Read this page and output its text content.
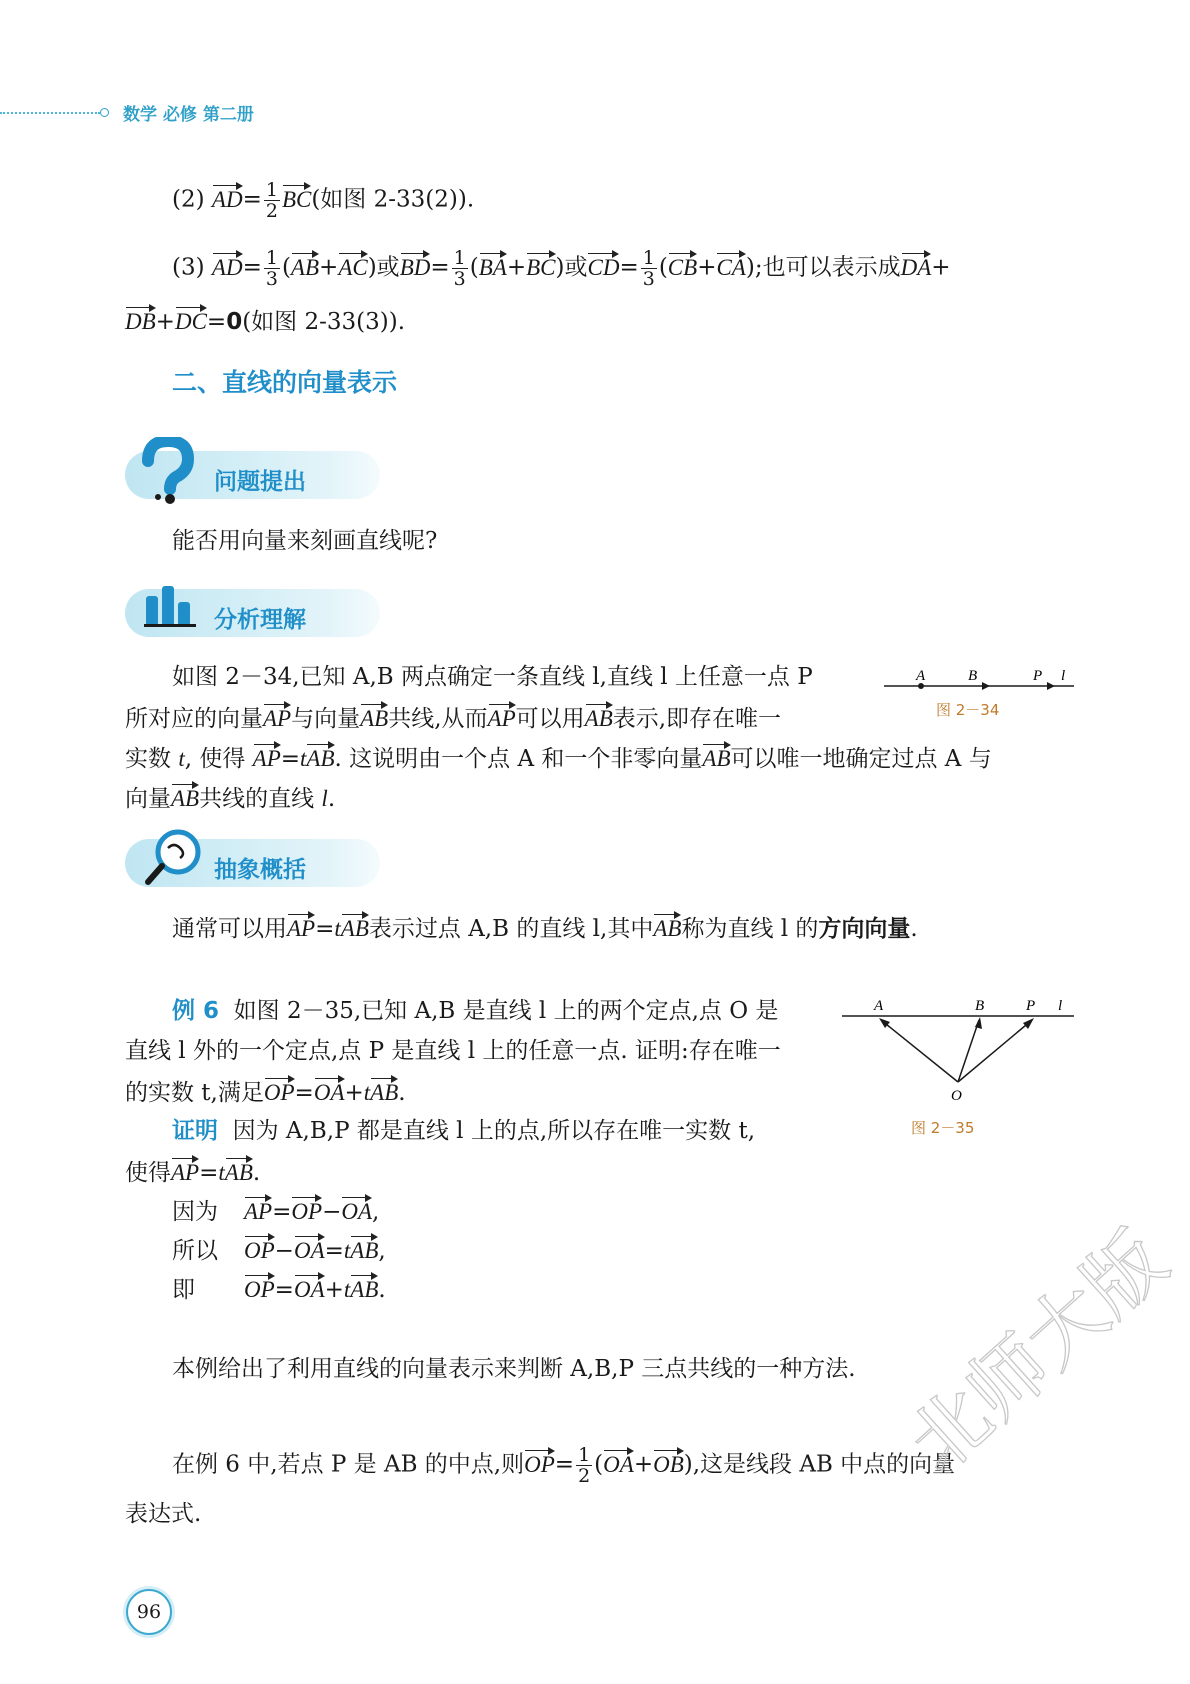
数学 必修 第二册
(2) $AD= \frac{1}{2} BC$(如图 2-33(2)).
(3) $AD= \frac{1}{3} (AB+AC)$或$BD= \frac{1}{3} (BA+BC)$或$CD= \frac{1}{3} (CB+CA)$;也可以表示成DA+
DB+DC=0(如图 2-33(3)).
二、直线的向量表示
问题提出
能否用向量来刻画直线呢?
分析理解
如图 2－34,已知 A,B 两点确定一条直线 l,直线 l 上任意一点 P
所对应的向量AP与向量AB共线,从而AP可以用AB表示,即存在唯一
实数 t, 使得 AP=tAB. 这说明由一个点 A 和一个非零向量AB可以唯一地确定过点 A 与
向量AB共线的直线 l.
A	B	P l
图 2－34
抽象概括
通常可以用AP=tAB表示过点 A,B 的直线 l,其中AB称为直线 l 的方向向量.
例 6 如图 2－35,已知 A,B 是直线 l 上的两个定点,点 O 是
直线 l 外的一个定点,点 P 是直线 l 上的任意一点. 证明:存在唯一
的实数 t,满足OP=OA+tAB.
证明 因为 A,B,P 都是直线 l 上的点,所以存在唯一实数 t,
使得AP=tAB.
因为 AP=OP−OA,
所以 OP−OA=tAB,
即 OP=OA+tAB.
A	B	P l
O
图 2－35
本例给出了利用直线的向量表示来判断 A,B,P 三点共线的一种方法.
在例 6 中,若点 P 是 AB 的中点,则$OP= \frac{1}{2} (OA+OB)$,这是线段 AB 中点的向量
表达式.
96
北师大版
